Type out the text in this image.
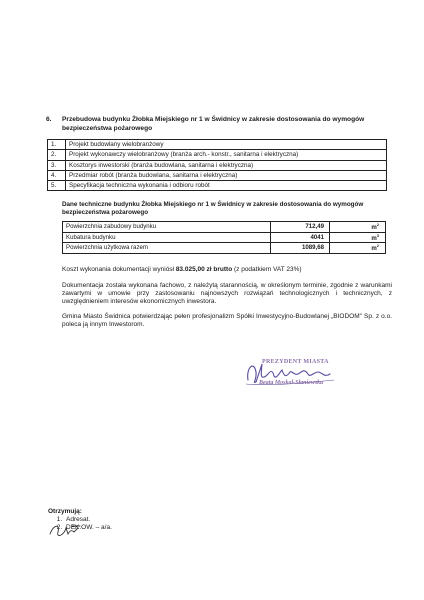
6. Przebudowa budynku Żłobka Miejskiego nr 1 w Świdnicy w zakresie dostosowania do wymogów bezpieczeństwa pożarowego
1.	Projekt budowlany wielobranżowy
2.	Projekt wykonawczy wielobranżowy (branża arch.- konstr., sanitarna i elektryczna)
3.	Kosztorys inwestorski (branża budowlana, sanitarna i elektryczna)
4.	Przedmiar robót (branża budowlana, sanitarna i elektryczna)
5.	Specyfikacja techniczna wykonania i odbioru robót
Dane techniczne budynku Żłobka Miejskiego nr 1 w Świdnicy w zakresie dostosowania do wymogów bezpieczeństwa pożarowego
Powierzchnia zabudowy budynku	712,49	$m^2$
Kubatura budynku	4041	$m^3$
Powierzchnia użytkowa razem	1089,68	$m^2$
Koszt wykonania dokumentacji wyniósł 83.025,00 zł brutto (z podatkiem VAT 23%)
Dokumentacja została wykonana fachowo, z należytą starannością, w określonym terminie, zgodnie z warunkami zawartymi w umowie przy zastosowaniu najnowszych rozwiązań technologicznych i technicznych, z uwzględnieniem interesów ekonomicznych inwestora.
Gmina Miasto Świdnica potwierdzając pełen profesjonalizm Spółki Inwestycyjno-Budowlanej „BIODOM" Sp. z o.o. poleca ją innym Inwestorom.
PREZYDENT MIASTA
Beata Moskal-Słaniewska
Otrzymują:
1. Adresat.
2. DEK.OW. – a/a.
